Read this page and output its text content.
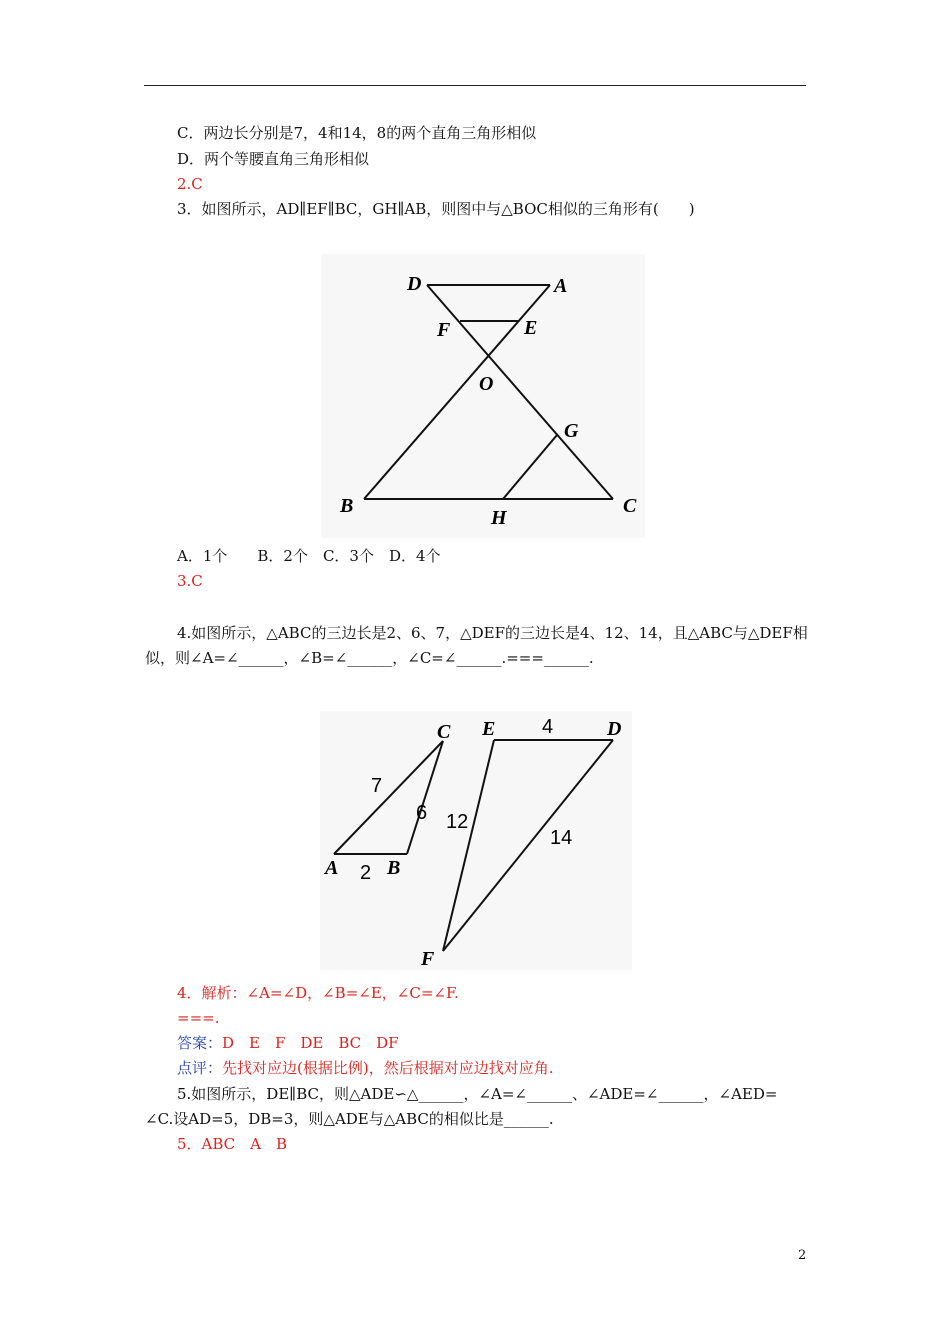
C．两边长分别是7，4和14，8的两个直角三角形相似
D．两个等腰直角三角形相似
2.C
3．如图所示，AD∥EF∥BC，GH∥AB，则图中与△BOC相似的三角形有(　　)
D	A
F	E
O
G
B
H
C
A．1个　　B．2个　C．3个　D．4个
3.C
4.如图所示，△ABC的三边长是2、6、7，△DEF的三边长是4、12、14，且△ABC与△DEF相
似，则∠A=∠______，∠B=∠______，∠C=∠______.===______.
C
A B
E	D
F
7
6
2
4
12
14
4．解析：∠A=∠D，∠B=∠E，∠C=∠F.
===.
答案：D　E　F　DE　BC　DF
点评：先找对应边(根据比例)，然后根据对应边找对应角.
5.如图所示，DE∥BC，则△ADE∽△______，∠A=∠______、∠ADE=∠______，∠AED=
∠C.设AD=5，DB=3，则△ADE与△ABC的相似比是______.
5．ABC　A　B
2
